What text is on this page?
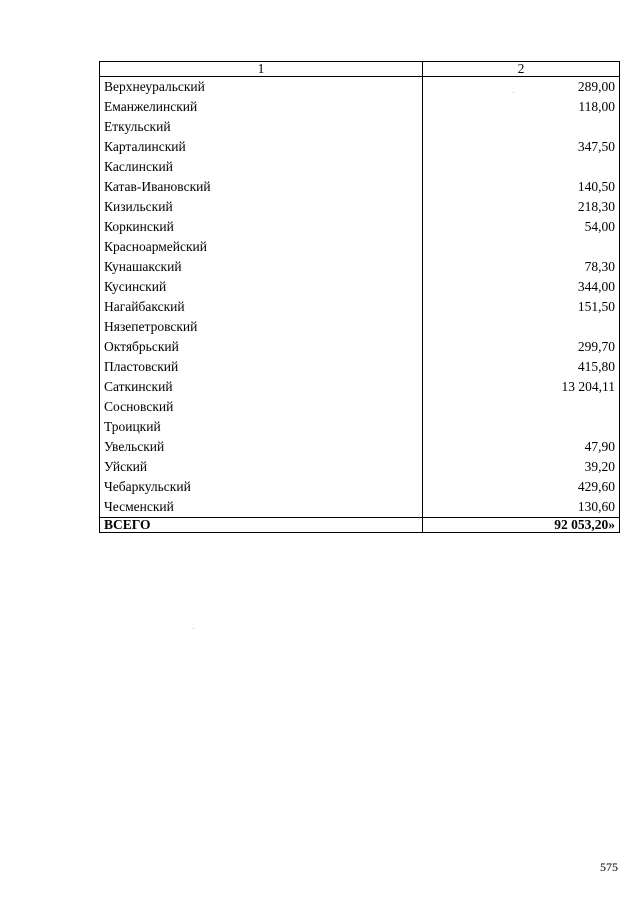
1	2
Верхнеуральский	289,00
Еманжелинский	118,00
Еткульский	
Карталинский	347,50
Каслинский	
Катав-Ивановский	140,50
Кизильский	218,30
Коркинский	54,00
Красноармейский	
Кунашакский	78,30
Кусинский	344,00
Нагайбакский	151,50
Нязепетровский	
Октябрьский	299,70
Пластовский	415,80
Саткинский	13 204,11
Сосновский	
Троицкий	
Увельский	47,90
Уйский	39,20
Чебаркульский	429,60
Чесменский	130,60
ВСЕГО	92 053,20»
575
